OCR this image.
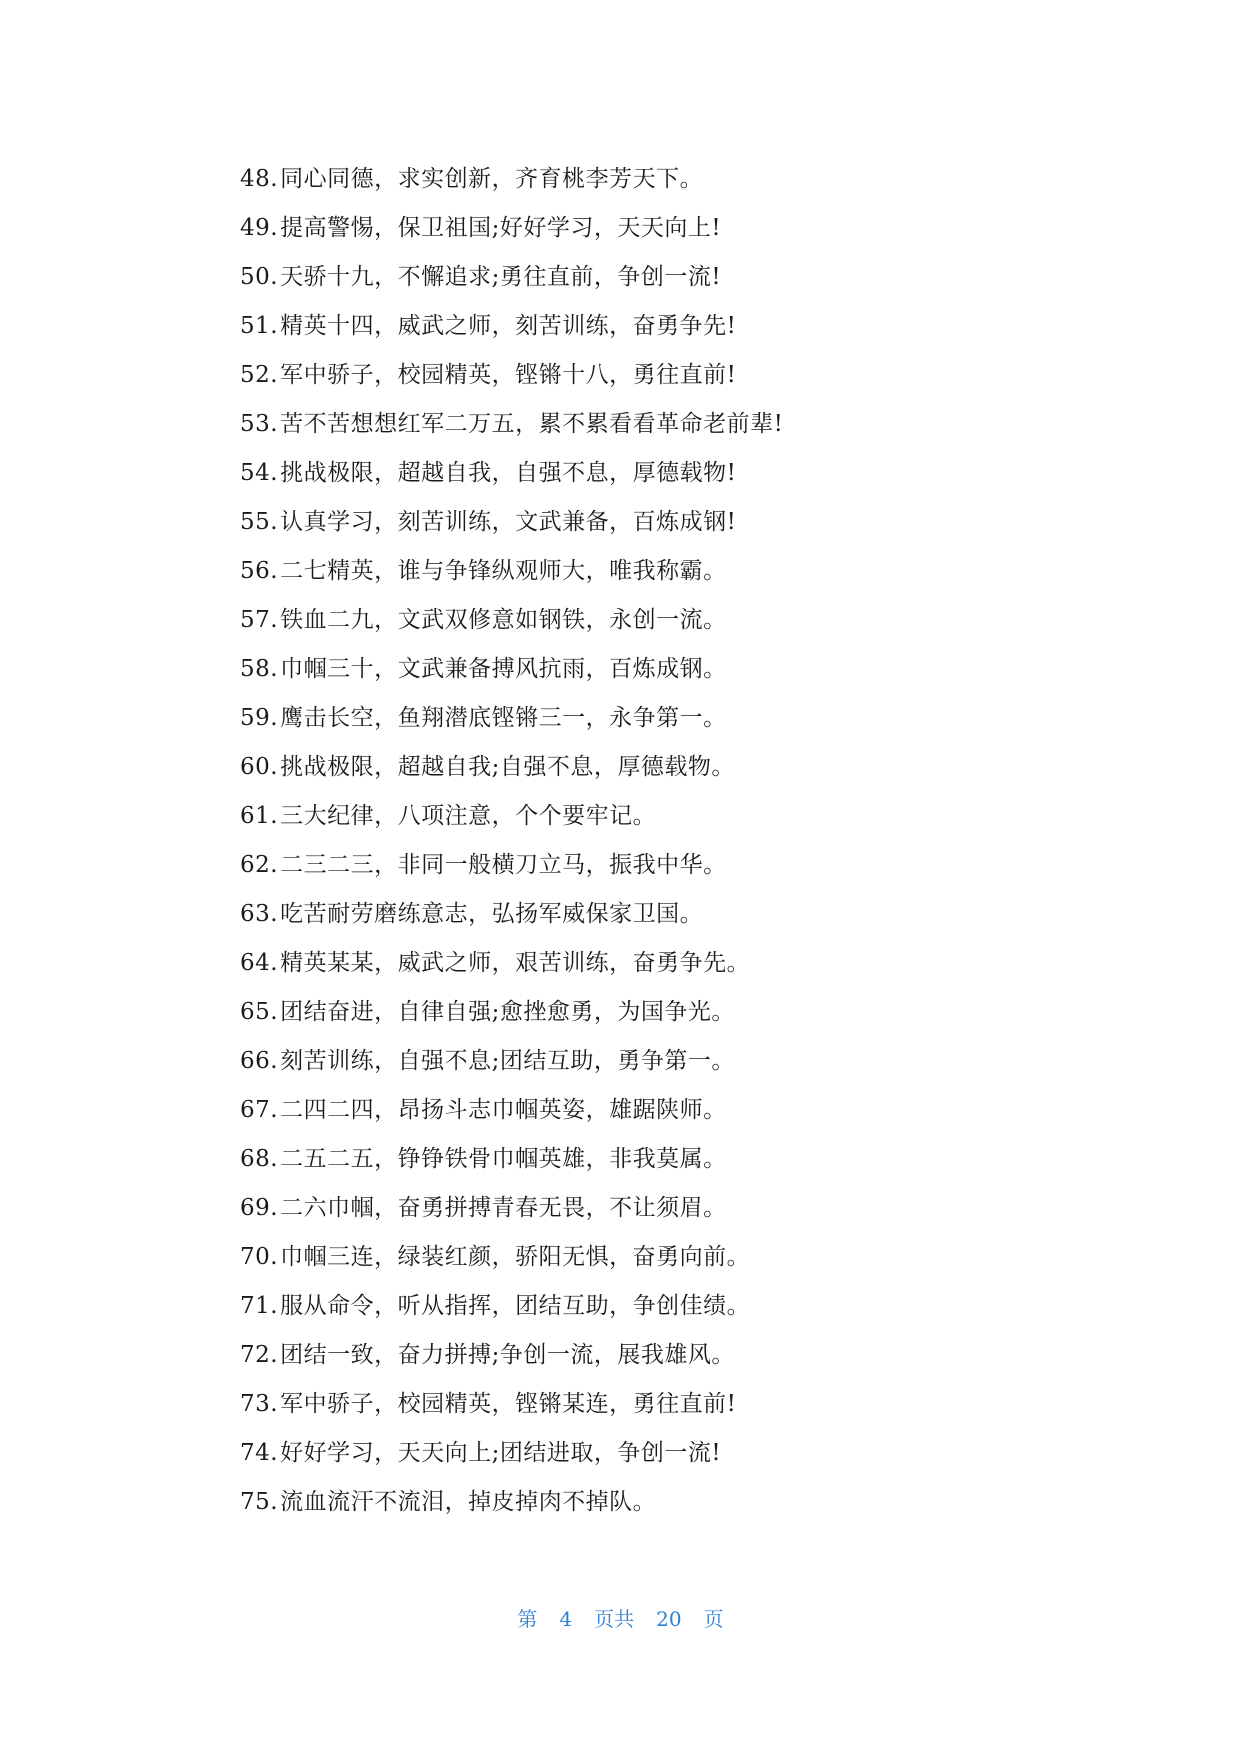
48.同心同德，求实创新，齐育桃李芳天下。
49.提高警惕，保卫祖国;好好学习，天天向上!
50.天骄十九，不懈追求;勇往直前，争创一流!
51.精英十四，威武之师，刻苦训练，奋勇争先!
52.军中骄子，校园精英，铿锵十八，勇往直前!
53.苦不苦想想红军二万五，累不累看看革命老前辈!
54.挑战极限，超越自我，自强不息，厚德载物!
55.认真学习，刻苦训练，文武兼备，百炼成钢!
56.二七精英，谁与争锋纵观师大，唯我称霸。
57.铁血二九，文武双修意如钢铁，永创一流。
58.巾帼三十，文武兼备搏风抗雨，百炼成钢。
59.鹰击长空，鱼翔潜底铿锵三一，永争第一。
60.挑战极限，超越自我;自强不息，厚德载物。
61.三大纪律，八项注意，个个要牢记。
62.二三二三，非同一般横刀立马，振我中华。
63.吃苦耐劳磨练意志，弘扬军威保家卫国。
64.精英某某，威武之师，艰苦训练，奋勇争先。
65.团结奋进，自律自强;愈挫愈勇，为国争光。
66.刻苦训练，自强不息;团结互助，勇争第一。
67.二四二四，昂扬斗志巾帼英姿，雄踞陕师。
68.二五二五，铮铮铁骨巾帼英雄，非我莫属。
69.二六巾帼，奋勇拼搏青春无畏，不让须眉。
70.巾帼三连，绿装红颜，骄阳无惧，奋勇向前。
71.服从命令，听从指挥，团结互助，争创佳绩。
72.团结一致，奋力拼搏;争创一流，展我雄风。
73.军中骄子，校园精英，铿锵某连，勇往直前!
74.好好学习，天天向上;团结进取，争创一流!
75.流血流汗不流泪，掉皮掉肉不掉队。
第 4 页共 20 页
